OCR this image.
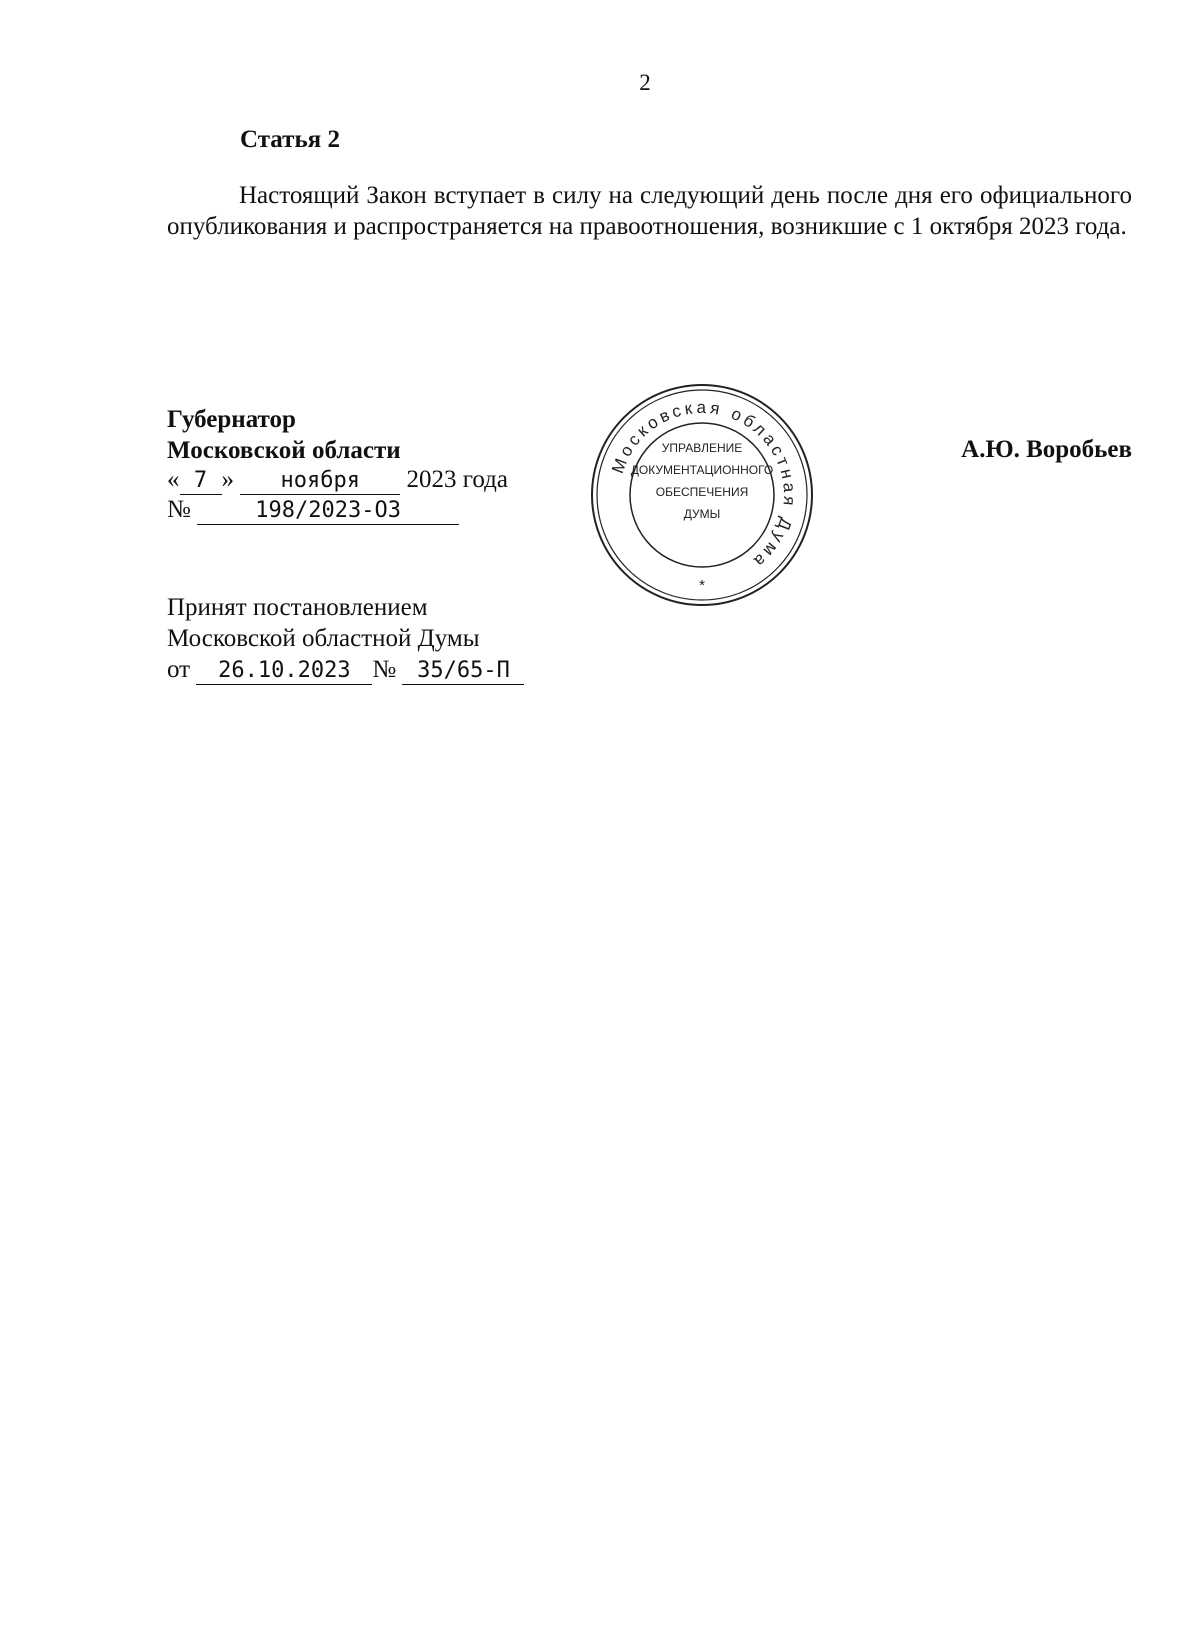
2
Статья 2
Настоящий Закон вступает в силу на следующий день после дня его официального опубликования и распространяется на правоотношения, возникшие с 1 октября 2023 года.
Губернатор
Московской области
« 7 » ноября 2023 года
№	198/2023-ОЗ
А.Ю. Воробьев
Московская областная Дума
УПРАВЛЕНИЕ
ДОКУМЕНТАЦИОННОГО
ОБЕСПЕЧЕНИЯ
ДУМЫ
*
Принят постановлением
Московской областной Думы
от 26.10.2023 № 35/65-П
